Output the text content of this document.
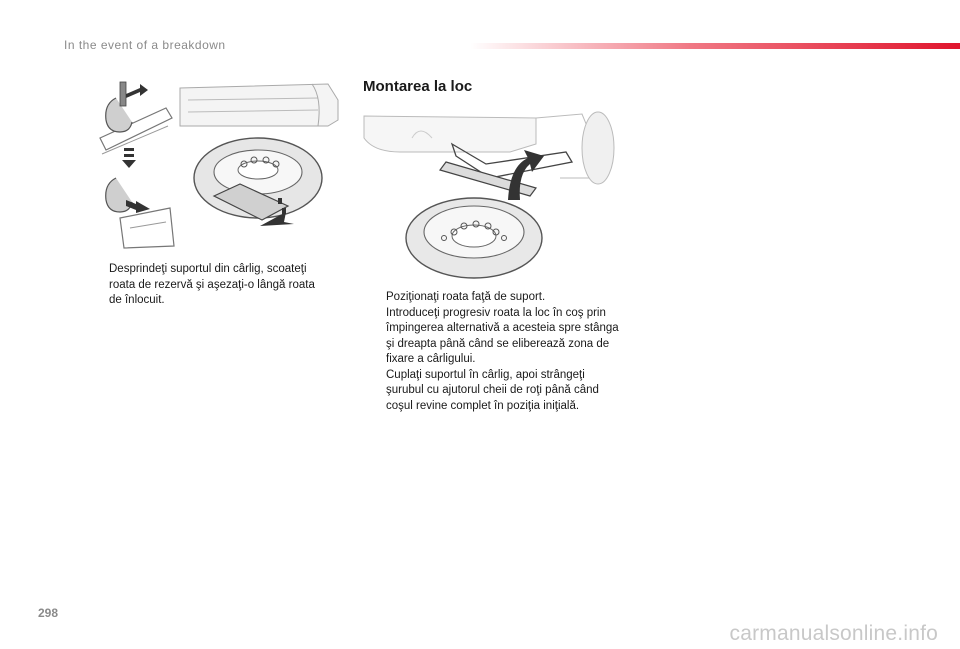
In the event of a breakdown
Desprindeţi suportul din cârlig, scoateţi roata de rezervă şi aşezaţi-o lângă roata de înlocuit.
Montarea la loc
Poziţionaţi roata faţă de suport.
Introduceţi progresiv roata la loc în coş prin împingerea alternativă a acesteia spre stânga şi dreapta până când se eliberează zona de fixare a cârligului.
Cuplaţi suportul în cârlig, apoi strângeţi şurubul cu ajutorul cheii de roţi până când coşul revine complet în poziţia iniţială.
298
carmanualsonline.info
